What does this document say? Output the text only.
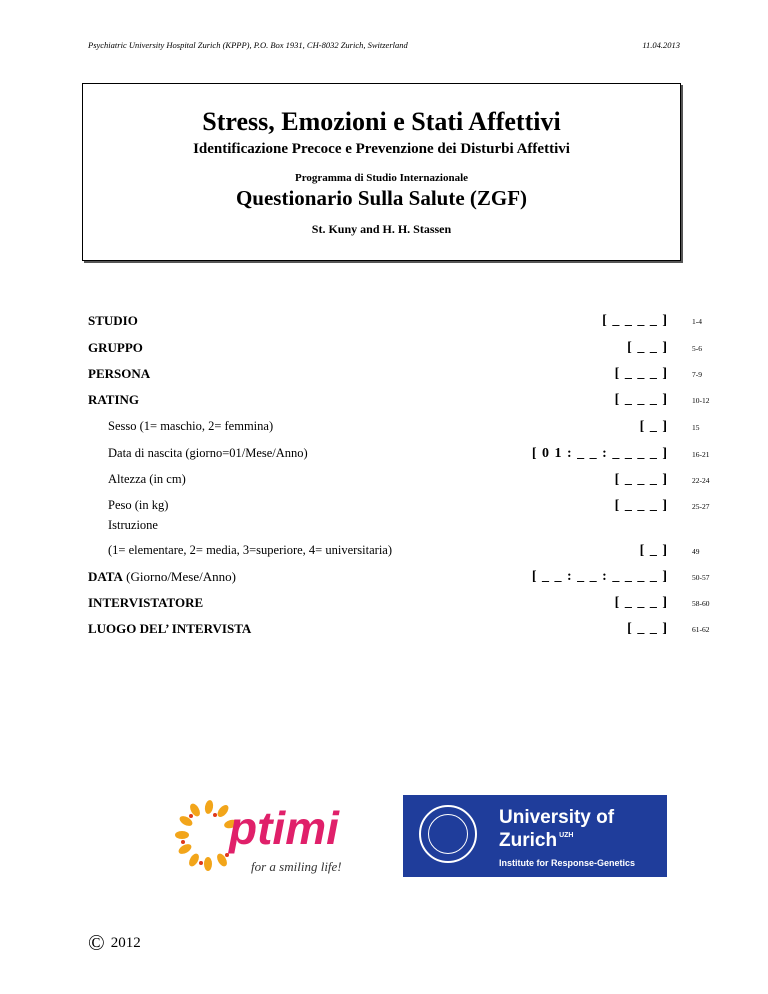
Psychiatric University Hospital Zurich (KPPP), P.O. Box 1931, CH-8032 Zurich, Switzerland	11.04.2013
Stress, Emozioni e Stati Affettivi
Identificazione Precoce e Prevenzione dei Disturbi Affettivi
Programma di Studio Internazionale
Questionario Sulla Salute (ZGF)
St. Kuny and H. H. Stassen
STUDIO	[ _ _ _ _ ]	1-4
GRUPPO	[ _ _ ]	5-6
PERSONA	[ _ _ _ ]	7-9
RATING	[ _ _ _ ]	10-12
Sesso (1= maschio, 2= femmina)	[ _ ]	15
Data di nascita (giorno=01/Mese/Anno)	[ 0 1 : _ _ : _ _ _ _ ]	16-21
Altezza (in cm)	[ _ _ _ ]	22-24
Peso (in kg)	[ _ _ _ ]	25-27
Istruzione
(1= elementare, 2= media, 3=superiore, 4= universitaria)	[ _ ]	49
DATA (Giorno/Mese/Anno)	[ _ _ : _ _ : _ _ _ _ ]	50-57
INTERVISTATORE	[ _ _ _ ]	58-60
LUOGO DEL’ INTERVISTA	[ _ _ ]	61-62
ptimi
for a smiling life!
University of
Zurich $^{UZH}$
Institute for Response-Genetics
© 2012
